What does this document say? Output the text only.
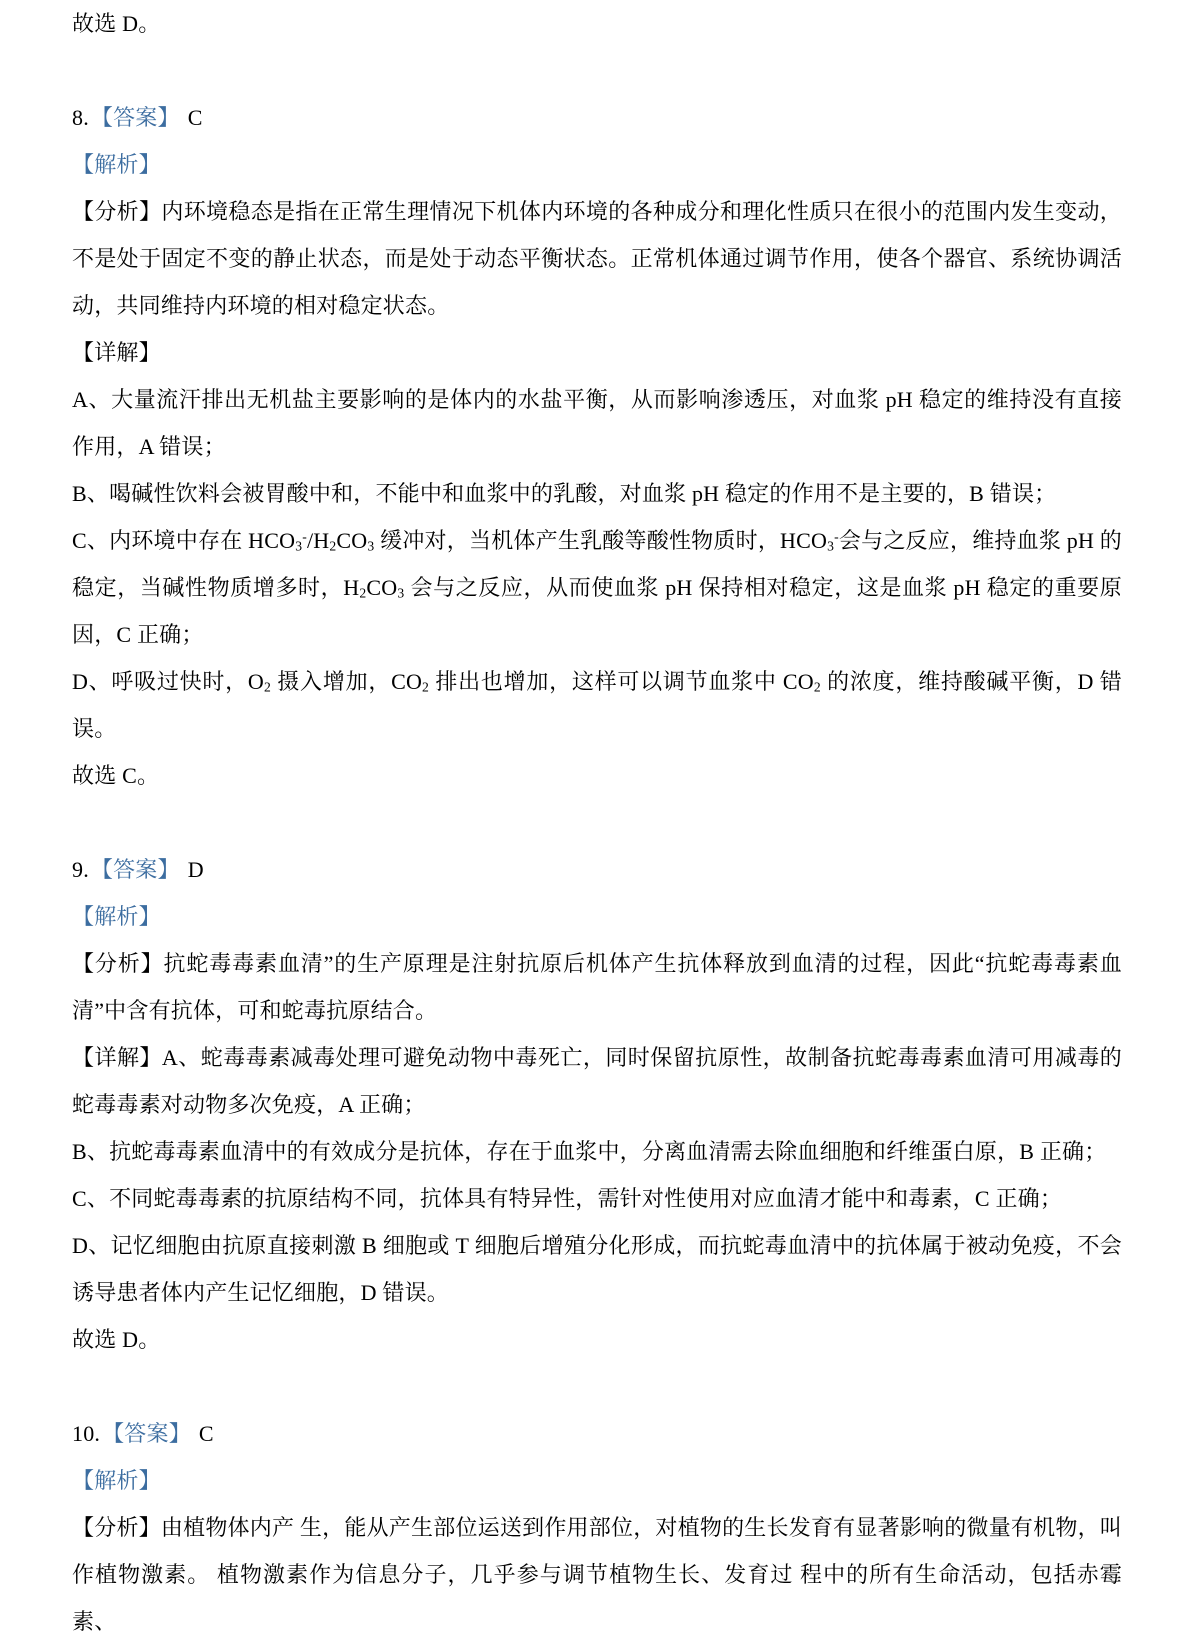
故选 D。

8.【答案】 C

【解析】

【分析】内环境稳态是指在正常生理情况下机体内环境的各种成分和理化性质只在很小的范围内发生变动，不是处于固定不变的静止状态，而是处于动态平衡状态。正常机体通过调节作用，使各个器官、系统协调活动，共同维持内环境的相对稳定状态。

【详解】

A、大量流汗排出无机盐主要影响的是体内的水盐平衡，从而影响渗透压，对血浆 pH 稳定的维持没有直接作用，A 错误；

B、喝碱性饮料会被胃酸中和，不能中和血浆中的乳酸，对血浆 pH 稳定的作用不是主要的，B 错误；

C、内环境中存在 $HCO_3^-/H_2CO_3$ 缓冲对，当机体产生乳酸等酸性物质时，$HCO_3^-$会与之反应，维持血浆 pH 的稳定，当碱性物质增多时，$H_2CO_3$ 会与之反应，从而使血浆 pH 保持相对稳定，这是血浆 pH 稳定的重要原因，C 正确；

D、呼吸过快时，$O_2$ 摄入增加，$CO_2$ 排出也增加，这样可以调节血浆中 $CO_2$ 的浓度，维持酸碱平衡，D 错误。

故选 C。

9.【答案】 D

【解析】

【分析】抗蛇毒毒素血清”的生产原理是注射抗原后机体产生抗体释放到血清的过程，因此“抗蛇毒毒素血清”中含有抗体，可和蛇毒抗原结合。

【详解】A、蛇毒毒素减毒处理可避免动物中毒死亡，同时保留抗原性，故制备抗蛇毒毒素血清可用减毒的蛇毒毒素对动物多次免疫，A 正确；

B、抗蛇毒毒素血清中的有效成分是抗体，存在于血浆中，分离血清需去除血细胞和纤维蛋白原，B 正确；

C、不同蛇毒毒素的抗原结构不同，抗体具有特异性，需针对性使用对应血清才能中和毒素，C 正确；

D、记忆细胞由抗原直接刺激 B 细胞或 T 细胞后增殖分化形成，而抗蛇毒血清中的抗体属于被动免疫，不会诱导患者体内产生记忆细胞，D 错误。

故选 D。

10.【答案】 C

【解析】

【分析】由植物体内产 生，能从产生部位运送到作用部位，对植物的生长发育有显著影响的微量有机物，叫作植物激素。 植物激素作为信息分子，几乎参与调节植物生长、发育过 程中的所有生命活动，包括赤霉素、
